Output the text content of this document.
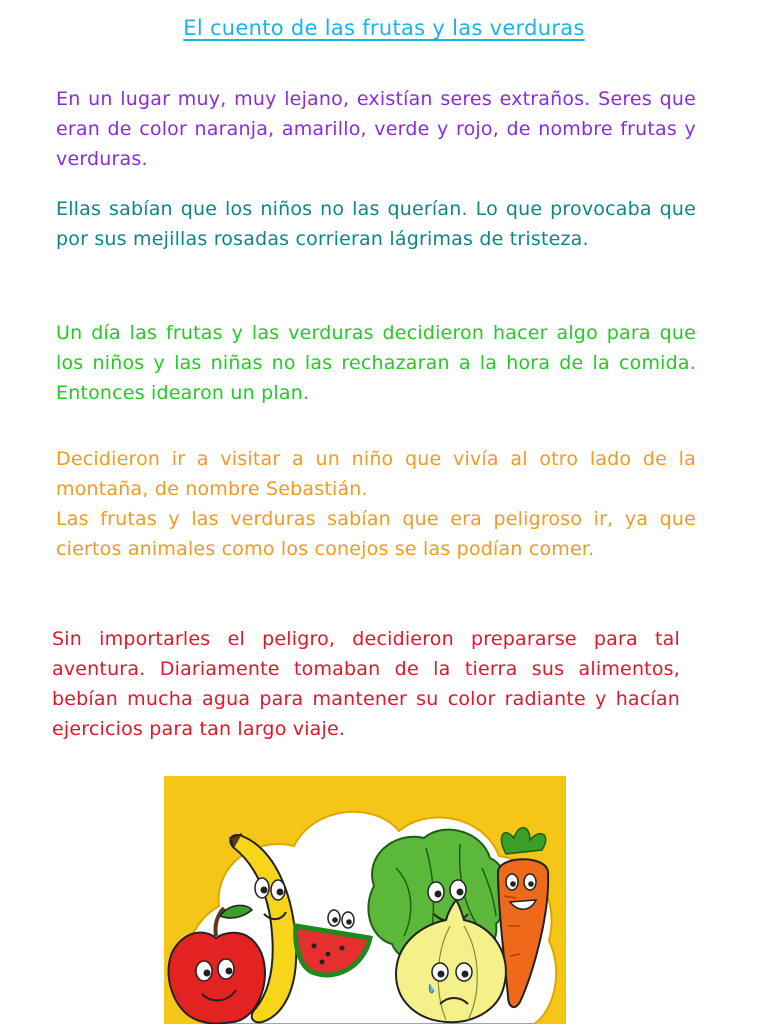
El cuento de las frutas y las verduras

En un lugar muy, muy lejano, existían seres extraños. Seres que eran de color naranja, amarillo, verde y rojo, de nombre frutas y verduras.

Ellas sabían que los niños no las querían. Lo que provocaba que por sus mejillas rosadas corrieran lágrimas de tristeza.

Un día las frutas y las verduras decidieron hacer algo para que los niños y las niñas no las rechazaran a la hora de la comida. Entonces idearon un plan.

Decidieron ir a visitar a un niño que vivía al otro lado de la montaña, de nombre Sebastián.

Las frutas y las verduras sabían que era peligroso ir, ya que ciertos animales como los conejos se las podían comer.

Sin importarles el peligro, decidieron prepararse para tal aventura. Diariamente tomaban de la tierra sus alimentos, bebían mucha agua para mantener su color radiante y hacían ejercicios para tan largo viaje.
